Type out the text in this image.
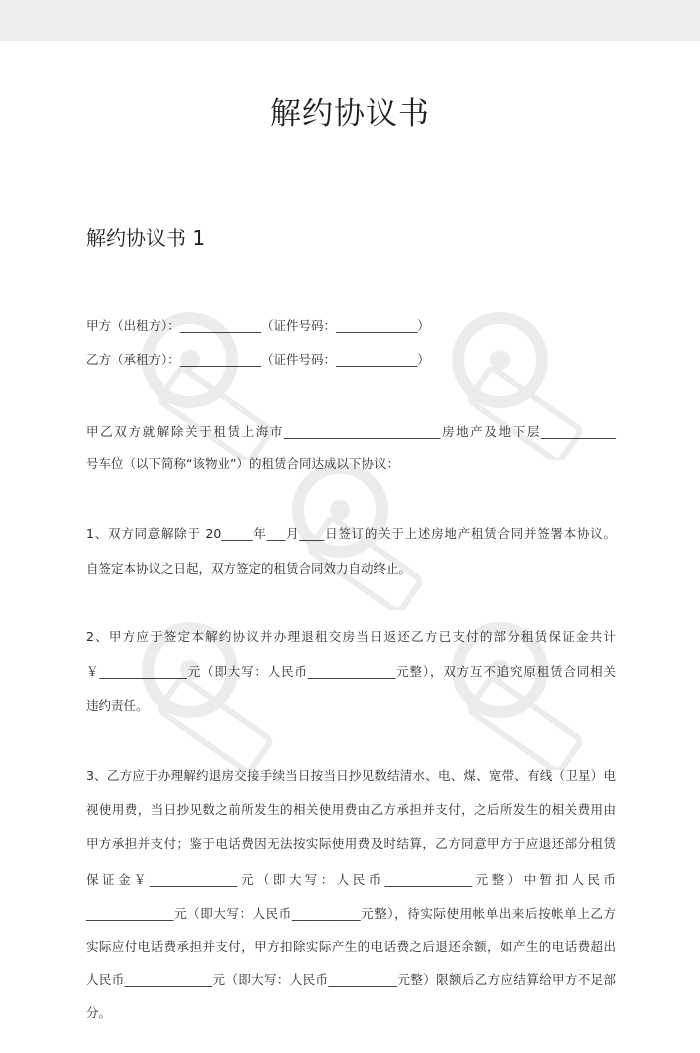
解约协议书
解约协议书 1
甲方（出租方）：_____________（证件号码：_____________）
乙方（承租方）：_____________（证件号码：_____________）
甲乙双方就解除关于租赁上海市_________________________房地产及地下层____________
号车位（以下简称“该物业”）的租赁合同达成以下协议：
1、双方同意解除于 20_____年___月____日签订的关于上述房地产租赁合同并签署本协议。
自签定本协议之日起，双方签定的租赁合同效力自动终止。
2、甲方应于签定本解约协议并办理退租交房当日返还乙方已支付的部分租赁保证金共计
￥______________元（即大写：人民币______________元整），双方互不追究原租赁合同相关
违约责任。
3、乙方应于办理解约退房交接手续当日按当日抄见数结清水、电、煤、宽带、有线（卫星）电
视使用费，当日抄见数之前所发生的相关使用费由乙方承担并支付，之后所发生的相关费用由
甲方承担并支付；鉴于电话费因无法按实际使用费及时结算，乙方同意甲方于应退还部分租赁
保证金￥______________元（即大写：人民币______________元整）中暂扣人民币
______________元（即大写：人民币___________元整），待实际使用帐单出来后按帐单上乙方
实际应付电话费承担并支付，甲方扣除实际产生的电话费之后退还余额，如产生的电话费超出
人民币______________元（即大写：人民币___________元整）限额后乙方应结算给甲方不足部
分。
